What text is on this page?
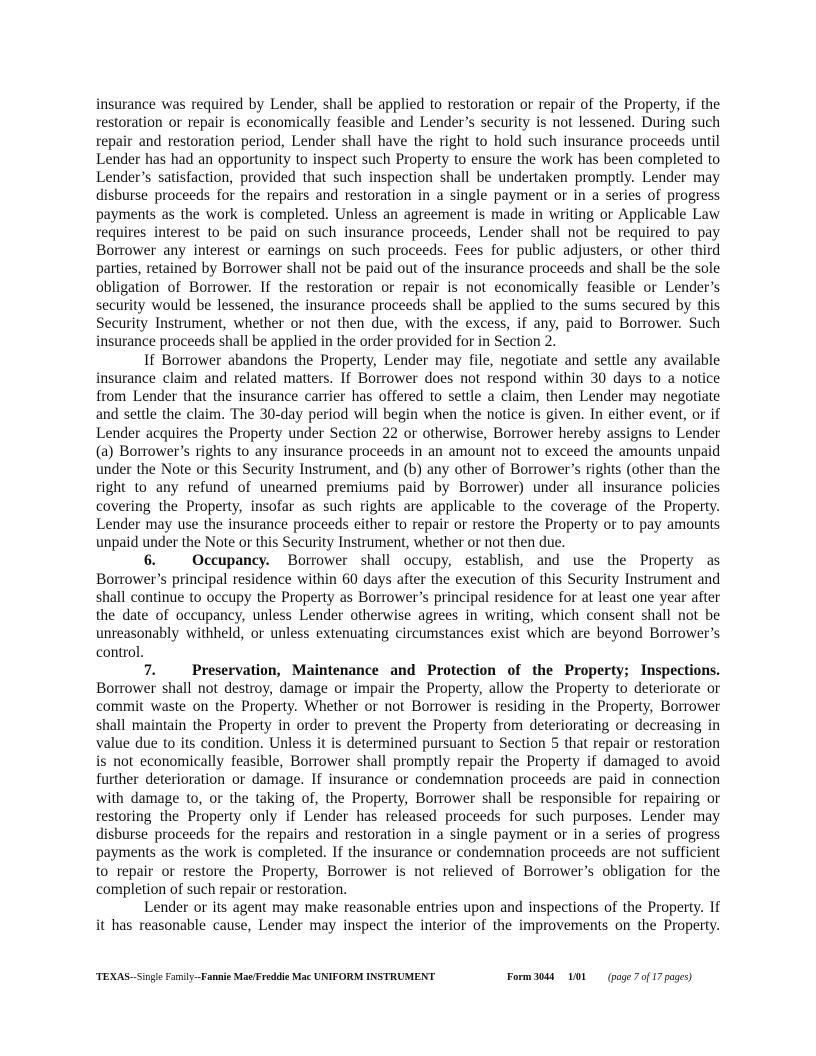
insurance was required by Lender, shall be applied to restoration or repair of the Property, if the
restoration or repair is economically feasible and Lender’s security is not lessened. During such
repair and restoration period, Lender shall have the right to hold such insurance proceeds until
Lender has had an opportunity to inspect such Property to ensure the work has been completed to
Lender’s satisfaction, provided that such inspection shall be undertaken promptly. Lender may
disburse proceeds for the repairs and restoration in a single payment or in a series of progress
payments as the work is completed. Unless an agreement is made in writing or Applicable Law
requires interest to be paid on such insurance proceeds, Lender shall not be required to pay
Borrower any interest or earnings on such proceeds. Fees for public adjusters, or other third
parties, retained by Borrower shall not be paid out of the insurance proceeds and shall be the sole
obligation of Borrower. If the restoration or repair is not economically feasible or Lender’s
security would be lessened, the insurance proceeds shall be applied to the sums secured by this
Security Instrument, whether or not then due, with the excess, if any, paid to Borrower. Such
insurance proceeds shall be applied in the order provided for in Section 2.
If Borrower abandons the Property, Lender may file, negotiate and settle any available
insurance claim and related matters. If Borrower does not respond within 30 days to a notice
from Lender that the insurance carrier has offered to settle a claim, then Lender may negotiate
and settle the claim. The 30-day period will begin when the notice is given. In either event, or if
Lender acquires the Property under Section 22 or otherwise, Borrower hereby assigns to Lender
(a) Borrower’s rights to any insurance proceeds in an amount not to exceed the amounts unpaid
under the Note or this Security Instrument, and (b) any other of Borrower’s rights (other than the
right to any refund of unearned premiums paid by Borrower) under all insurance policies
covering the Property, insofar as such rights are applicable to the coverage of the Property.
Lender may use the insurance proceeds either to repair or restore the Property or to pay amounts
unpaid under the Note or this Security Instrument, whether or not then due.
6.	Occupancy. Borrower shall occupy, establish, and use the Property as
Borrower’s principal residence within 60 days after the execution of this Security Instrument and
shall continue to occupy the Property as Borrower’s principal residence for at least one year after
the date of occupancy, unless Lender otherwise agrees in writing, which consent shall not be
unreasonably withheld, or unless extenuating circumstances exist which are beyond Borrower’s
control.
7.	Preservation, Maintenance and Protection of the Property; Inspections.
Borrower shall not destroy, damage or impair the Property, allow the Property to deteriorate or
commit waste on the Property. Whether or not Borrower is residing in the Property, Borrower
shall maintain the Property in order to prevent the Property from deteriorating or decreasing in
value due to its condition. Unless it is determined pursuant to Section 5 that repair or restoration
is not economically feasible, Borrower shall promptly repair the Property if damaged to avoid
further deterioration or damage. If insurance or condemnation proceeds are paid in connection
with damage to, or the taking of, the Property, Borrower shall be responsible for repairing or
restoring the Property only if Lender has released proceeds for such purposes. Lender may
disburse proceeds for the repairs and restoration in a single payment or in a series of progress
payments as the work is completed. If the insurance or condemnation proceeds are not sufficient
to repair or restore the Property, Borrower is not relieved of Borrower’s obligation for the
completion of such repair or restoration.
Lender or its agent may make reasonable entries upon and inspections of the Property. If
it has reasonable cause, Lender may inspect the interior of the improvements on the Property.
TEXAS--Single Family--Fannie Mae/Freddie Mac UNIFORM INSTRUMENT	Form 3044 1/01 (page 7 of 17 pages)
